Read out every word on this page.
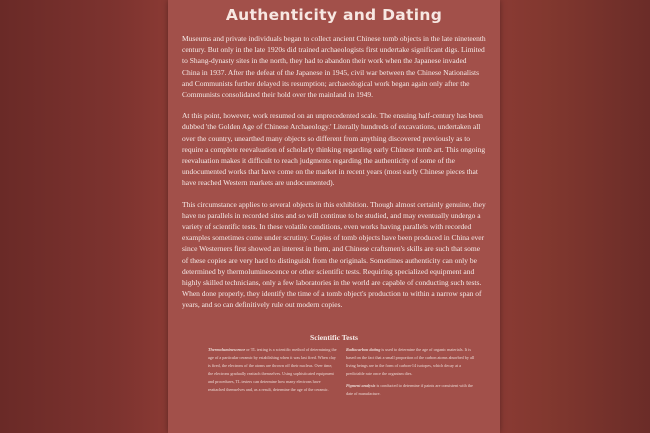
Authenticity and Dating

Museums and private individuals began to collect ancient Chinese tomb objects in the late nineteenth century. But only in the late 1920s did trained archaeologists first undertake significant digs. Limited to Shang-dynasty sites in the north, they had to abandon their work when the Japanese invaded China in 1937. After the defeat of the Japanese in 1945, civil war between the Chinese Nationalists and Communists further delayed its resumption; archaeological work began again only after the Communists consolidated their hold over the mainland in 1949.

At this point, however, work resumed on an unprecedented scale. The ensuing half-century has been dubbed 'the Golden Age of Chinese Archaeology.' Literally hundreds of excavations, undertaken all over the country, unearthed many objects so different from anything discovered previously as to require a complete reevaluation of scholarly thinking regarding early Chinese tomb art. This ongoing reevaluation makes it difficult to reach judgments regarding the authenticity of some of the undocumented works that have come on the market in recent years (most early Chinese pieces that have reached Western markets are undocumented).

This circumstance applies to several objects in this exhibition. Though almost certainly genuine, they have no parallels in recorded sites and so will continue to be studied, and may eventually undergo a variety of scientific tests. In these volatile conditions, even works having parallels with recorded examples sometimes come under scrutiny. Copies of tomb objects have been produced in China ever since Westerners first showed an interest in them, and Chinese craftsmen's skills are such that some of these copies are very hard to distinguish from the originals. Sometimes authenticity can only be determined by thermoluminescence or other scientific tests. Requiring specialized equipment and highly skilled technicians, only a few laboratories in the world are capable of conducting such tests. When done properly, they identify the time of a tomb object's production to within a narrow span of years, and so can definitively rule out modern copies.

Scientific Tests

Thermoluminescence or TL testing is a scientific method of determining the age of a particular ceramic by establishing when it was last fired. When clay is fired, the electrons of the atoms are thrown off their nucleus. Over time, the electrons gradually reattach themselves. Using sophisticated equipment and procedures, TL testers can determine how many electrons have reattached themselves and, as a result, determine the age of the ceramic.

Radiocarbon dating is used to determine the age of organic materials. It is based on the fact that a small proportion of the carbon atoms absorbed by all living beings are in the form of carbon-14 isotopes, which decay at a predictable rate once the organism dies.

Pigment analysis is conducted to determine if paints are consistent with the date of manufacture.
